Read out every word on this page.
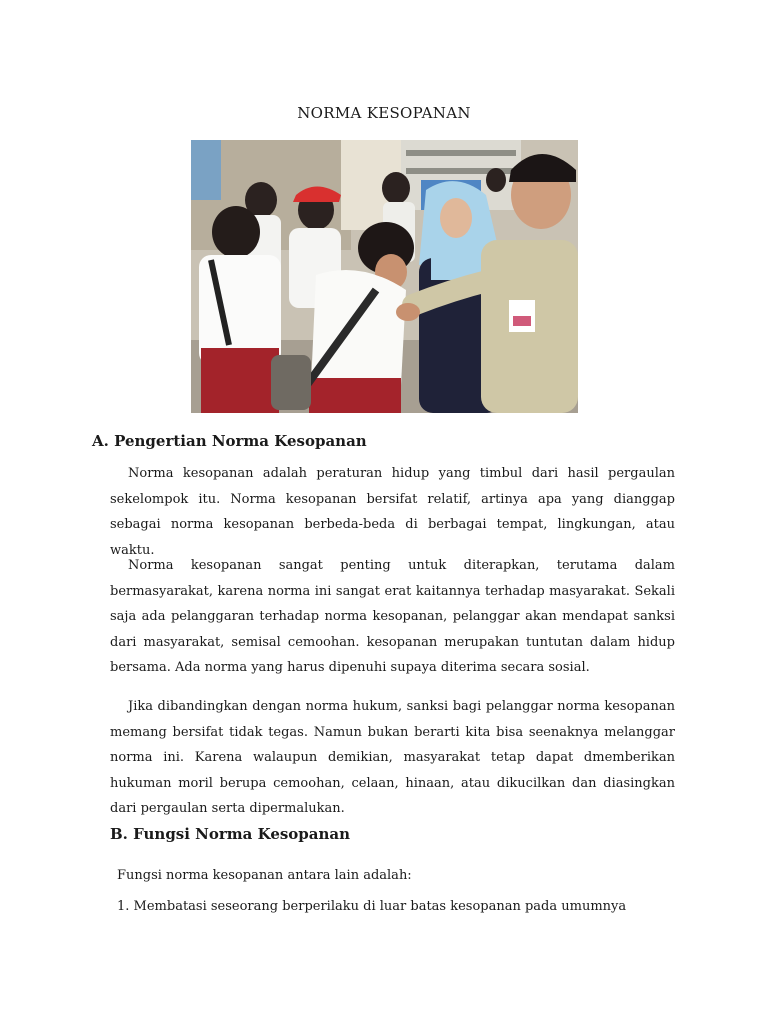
NORMA KESOPANAN
A. Pengertian Norma Kesopanan

Norma kesopanan adalah peraturan hidup yang timbul dari hasil pergaulan sekelompok itu. Norma kesopanan bersifat relatif, artinya apa yang dianggap sebagai norma kesopanan berbeda-beda di berbagai tempat, lingkungan, atau waktu.

Norma kesopanan sangat penting untuk diterapkan, terutama dalam bermasyarakat, karena norma ini sangat erat kaitannya terhadap masyarakat. Sekali saja ada pelanggaran terhadap norma kesopanan, pelanggar akan mendapat sanksi dari masyarakat, semisal cemoohan. kesopanan merupakan tuntutan dalam hidup bersama. Ada norma yang harus dipenuhi supaya diterima secara sosial.

Jika dibandingkan dengan norma hukum, sanksi bagi pelanggar norma kesopanan memang bersifat tidak tegas. Namun bukan berarti kita bisa seenaknya melanggar norma ini. Karena walaupun demikian, masyarakat tetap dapat dmemberikan hukuman moril berupa cemoohan, celaan, hinaan, atau dikucilkan dan diasingkan dari pergaulan serta dipermalukan.

B. Fungsi Norma Kesopanan

Fungsi norma kesopanan antara lain adalah:

1. Membatasi seseorang berperilaku di luar batas kesopanan pada umumnya
